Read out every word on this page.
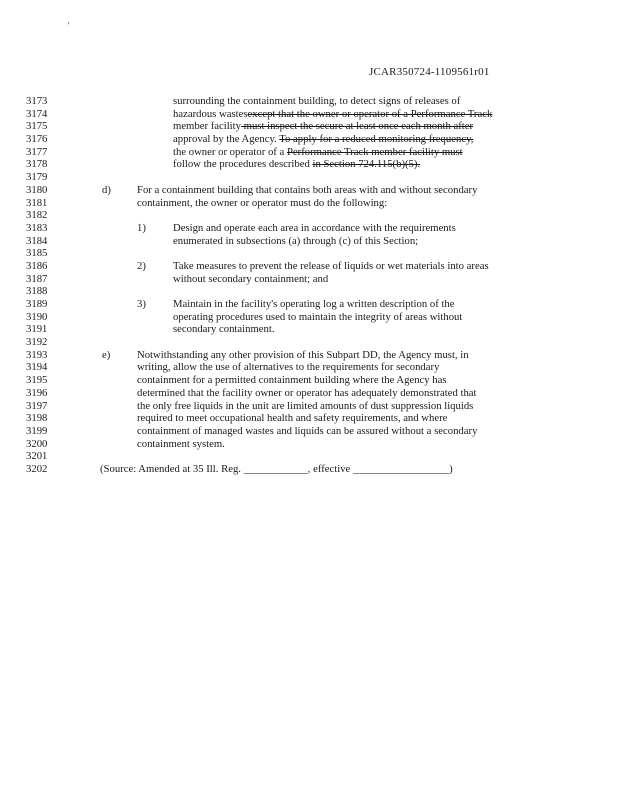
'
JCAR350724-1109561r01
3173	surrounding the containment building, to detect signs of releases of
3174	hazardous wastesexcept that the owner or operator of a Performance Track
3175	member facility must inspect the secure at least once each month after
3176	approval by the Agency. To apply for a reduced monitoring frequency,
3177	the owner or operator of a Performance Track member facility must
3178	follow the procedures described in Section 724.115(b)(5).
3179
3180	d) For a containment building that contains both areas with and without secondary
3181	containment, the owner or operator must do the following:
3182
3183	1)	Design and operate each area in accordance with the requirements
3184	enumerated in subsections (a) through (c) of this Section;
3185
3186	2)	Take measures to prevent the release of liquids or wet materials into areas
3187	without secondary containment; and
3188
3189	3)	Maintain in the facility's operating log a written description of the
3190	operating procedures used to maintain the integrity of areas without
3191	secondary containment.
3192
3193	e) Notwithstanding any other provision of this Subpart DD, the Agency must, in
3194	writing, allow the use of alternatives to the requirements for secondary
3195	containment for a permitted containment building where the Agency has
3196	determined that the facility owner or operator has adequately demonstrated that
3197	the only free liquids in the unit are limited amounts of dust suppression liquids
3198	required to meet occupational health and safety requirements, and where
3199	containment of managed wastes and liquids can be assured without a secondary
3200	containment system.
3201
3202	(Source: Amended at 35 Ill. Reg. ____________, effective __________________)
